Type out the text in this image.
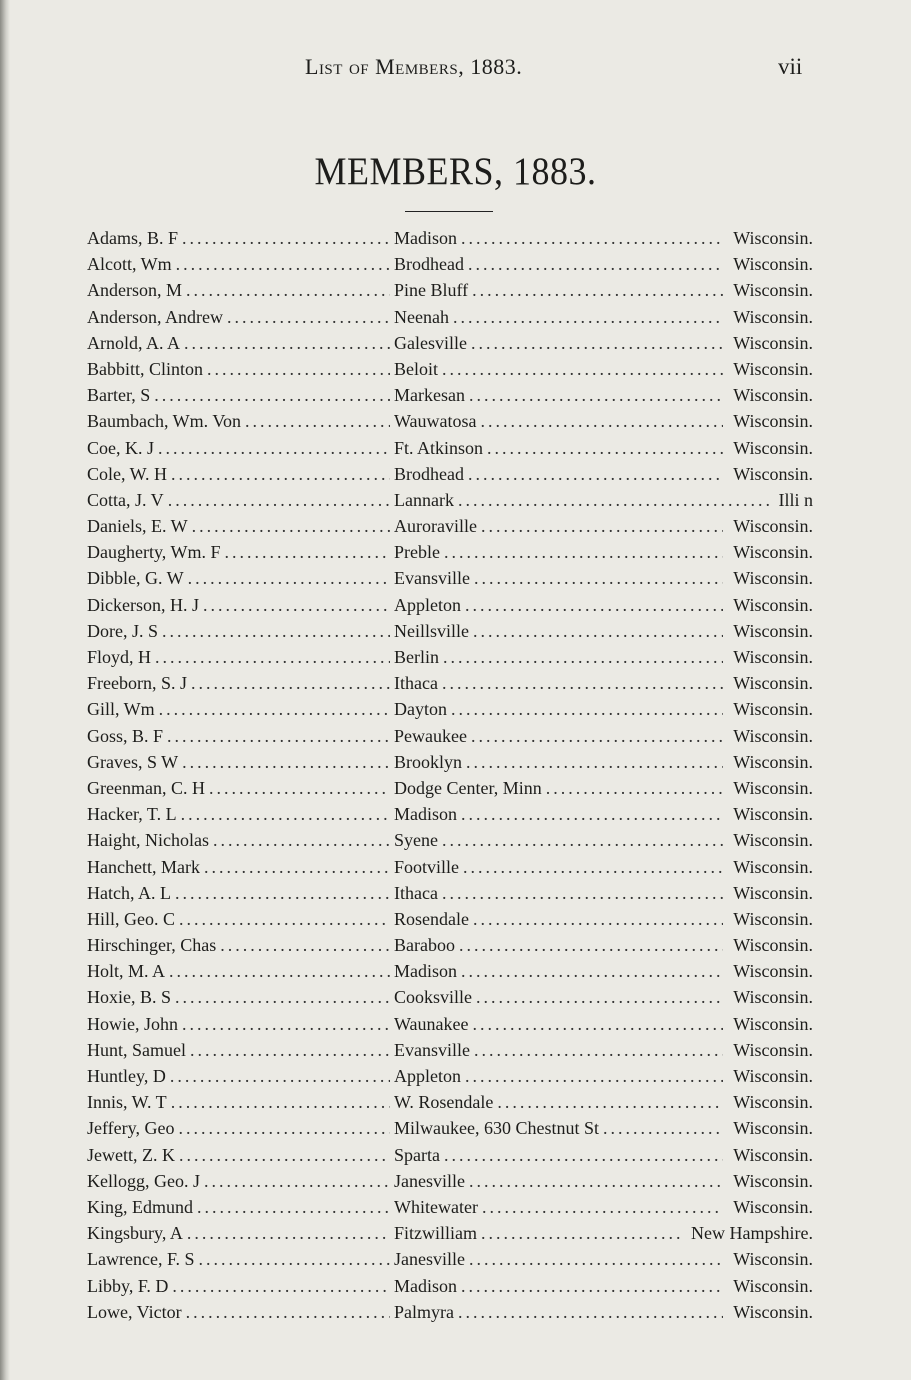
List of Members, 1883.	vii
MEMBERS, 1883.
Adams, B. F .....	Madison .....	Wisconsin.
Alcott, Wm .....	Brodhead .....	Wisconsin.
Anderson, M .....	Pine Bluff .....	Wisconsin.
Anderson, Andrew .....	Neenah .....	Wisconsin.
Arnold, A. A .....	Galesville .....	Wisconsin.
Babbitt, Clinton .....	Beloit .....	Wisconsin.
Barter, S .....	Markesan .....	Wisconsin.
Baumbach, Wm. Von .....	Wauwatosa .....	Wisconsin.
Coe, K. J .....	Ft. Atkinson .....	Wisconsin.
Cole, W. H .....	Brodhead .....	Wisconsin.
Cotta, J. V .....	Lannark .....	Illi n
Daniels, E. W .....	Auroraville .....	Wisconsin.
Daugherty, Wm. F .....	Preble .....	Wisconsin.
Dibble, G. W .....	Evansville .....	Wisconsin.
Dickerson, H. J .....	Appleton .....	Wisconsin.
Dore, J. S .....	Neillsville .....	Wisconsin.
Floyd, H .....	Berlin .....	Wisconsin.
Freeborn, S. J .....	Ithaca .....	Wisconsin.
Gill, Wm .....	Dayton .....	Wisconsin.
Goss, B. F .....	Pewaukee .....	Wisconsin.
Graves, S W .....	Brooklyn .....	Wisconsin.
Greenman, C. H .....	Dodge Center, Minn .....	Wisconsin.
Hacker, T. L .....	Madison .....	Wisconsin.
Haight, Nicholas .....	Syene .....	Wisconsin.
Hanchett, Mark .....	Footville .....	Wisconsin.
Hatch, A. L .....	Ithaca .....	Wisconsin.
Hill, Geo. C .....	Rosendale .....	Wisconsin.
Hirschinger, Chas .....	Baraboo .....	Wisconsin.
Holt, M. A .....	Madison .....	Wisconsin.
Hoxie, B. S .....	Cooksville .....	Wisconsin.
Howie, John .....	Waunakee .....	Wisconsin.
Hunt, Samuel .....	Evansville .....	Wisconsin.
Huntley, D .....	Appleton .....	Wisconsin.
Innis, W. T .....	W. Rosendale .....	Wisconsin.
Jeffery, Geo .....	Milwaukee, 630 Chestnut St .....	Wisconsin.
Jewett, Z. K .....	Sparta .....	Wisconsin.
Kellogg, Geo. J .....	Janesville .....	Wisconsin.
King, Edmund .....	Whitewater .....	Wisconsin.
Kingsbury, A .....	Fitzwilliam .....	New Hampshire.
Lawrence, F. S .....	Janesville .....	Wisconsin.
Libby, F. D .....	Madison .....	Wisconsin.
Lowe, Victor .....	Palmyra .....	Wisconsin.
